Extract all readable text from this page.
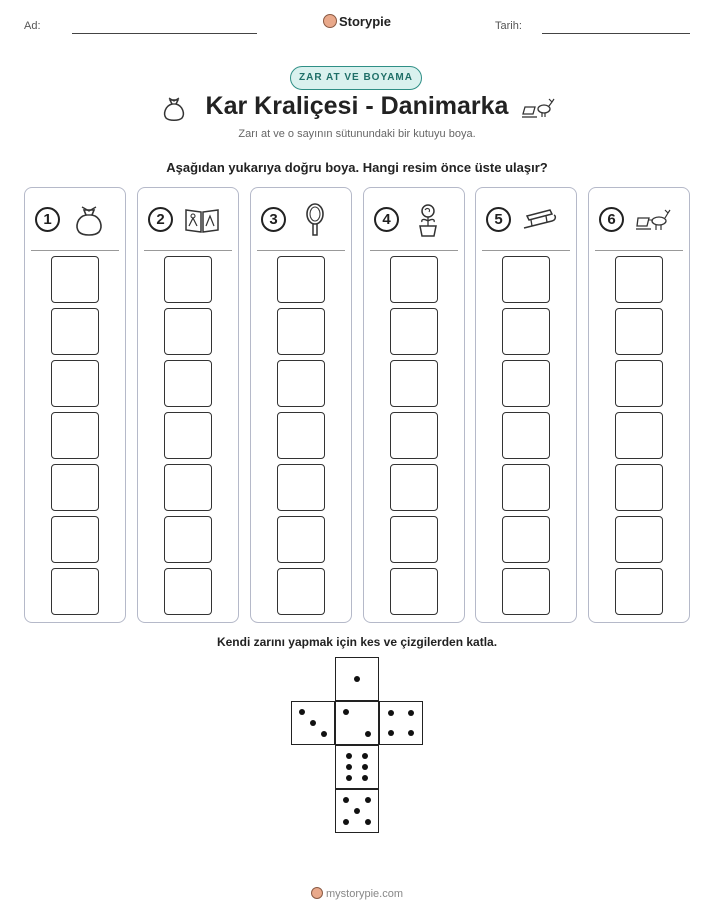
Ad:	Storypie	Tarih:
ZAR AT VE BOYAMA
Kar Kraliçesi - Danimarka
Zarı at ve o sayının sütunundaki bir kutuyu boya.
Aşağıdan yukarıya doğru boya. Hangi resim önce üste ulaşır?
1	2	3	4	5	6
Kendi zarını yapmak için kes ve çizgilerden katla.
mystorypie.com
